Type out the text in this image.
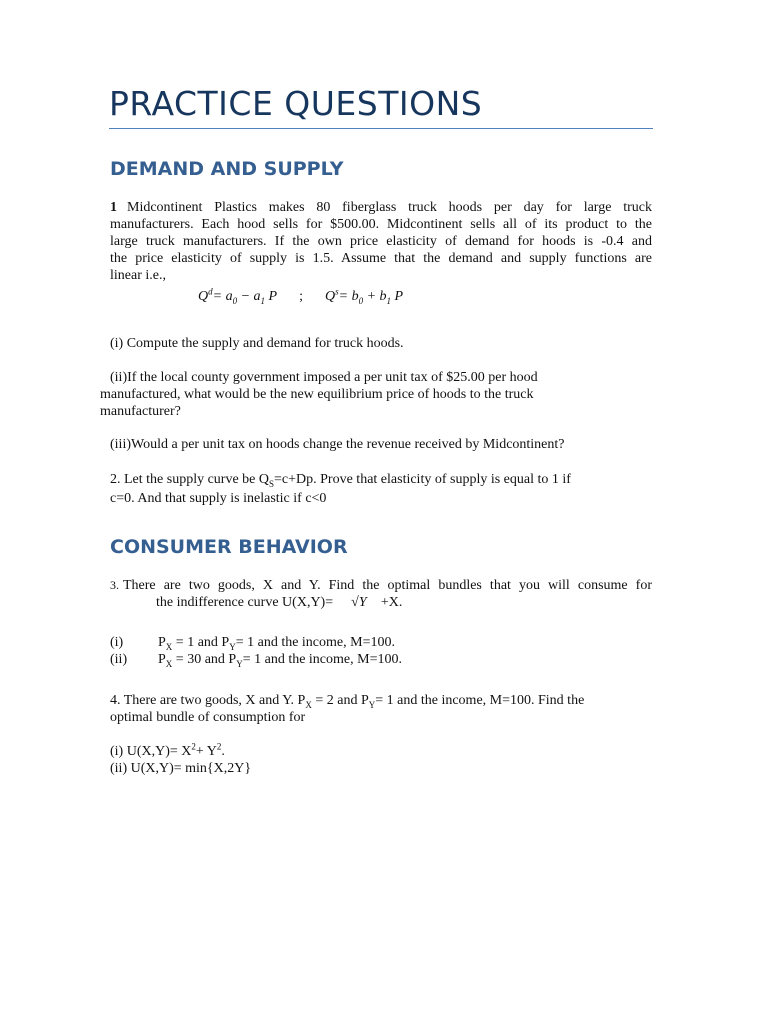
PRACTICE QUESTIONS
DEMAND AND SUPPLY
1 Midcontinent Plastics makes 80 fiberglass truck hoods per day for large truck
manufacturers. Each hood sells for $500.00. Midcontinent sells all of its product to the
large truck manufacturers. If the own price elasticity of demand for hoods is -0.4 and
the price elasticity of supply is 1.5. Assume that the demand and supply functions are
linear i.e.,
$Q^d= a_0 - a_1$ P ; $Q^s= b_0 + b_1$ P
(i) Compute the supply and demand for truck hoods.
(ii)If the local county government imposed a per unit tax of $25.00 per hood
manufactured, what would be the new equilibrium price of hoods to the truck
manufacturer?
(iii)Would a per unit tax on hoods change the revenue received by Midcontinent?
2. Let the supply curve be $Q_S=c+Dp$. Prove that elasticity of supply is equal to 1 if
c=0. And that supply is inelastic if c<0
CONSUMER BEHAVIOR
3. There are two goods, X and Y. Find the optimal bundles that you will consume for
the indifference curve U(X,Y)= √Y +X.
(i) $P_X = 1$ and $P_Y= 1$ and the income, M=100.
(ii) $P_X = 30$ and $P_Y= 1$ and the income, M=100.
4. There are two goods, X and Y. $P_X = 2$ and $P_Y= 1$ and the income, M=100. Find the
optimal bundle of consumption for
(i) $U(X,Y)= X^2+ Y^2$.
(ii) U(X,Y)= min{X,2Y}
